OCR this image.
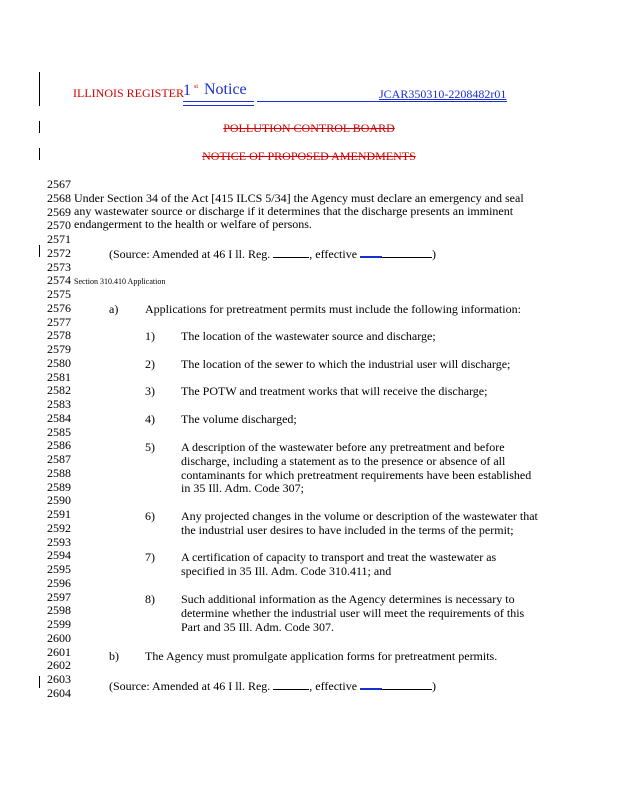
ILLINOIS REGISTER 1 st Notice	JCAR350310-2208482r01
POLLUTION CONTROL BOARD
NOTICE OF PROPOSED AMENDMENTS
2567
2568
2569
2570
2571
2572
2573
2574
2575
2576
2577
2578
2579
2580
2581
2582
2583
2584
2585
2586
2587
2588
2589
2590
2591
2592
2593
2594
2595
2596
2597
2598
2599
2600
2601
2602
2603
2604
Under Section 34 of the Act [415 ILCS 5/34] the Agency must declare an emergency and seal
any wastewater source or discharge if it determines that the discharge presents an imminent
endangerment to the health or welfare of persons.
(Source: Amended at 46 I ll. Reg.	, effective	)
Section 310.410 Application
a) Applications for pretreatment permits must include the following information:
1) The location of the wastewater source and discharge;
2) The location of the sewer to which the industrial user will discharge;
3) The POTW and treatment works that will receive the discharge;
4) The volume discharged;
5) A description of the wastewater before any pretreatment and before
discharge, including a statement as to the presence or absence of all
contaminants for which pretreatment requirements have been established
in 35 Ill. Adm. Code 307;
6) Any projected changes in the volume or description of the wastewater that
the industrial user desires to have included in the terms of the permit;
7) A certification of capacity to transport and treat the wastewater as
specified in 35 Ill. Adm. Code 310.411; and
8) Such additional information as the Agency determines is necessary to
determine whether the industrial user will meet the requirements of this
Part and 35 Ill. Adm. Code 307.
b) The Agency must promulgate application forms for pretreatment permits.
(Source: Amended at 46 I ll. Reg.	, effective	)
